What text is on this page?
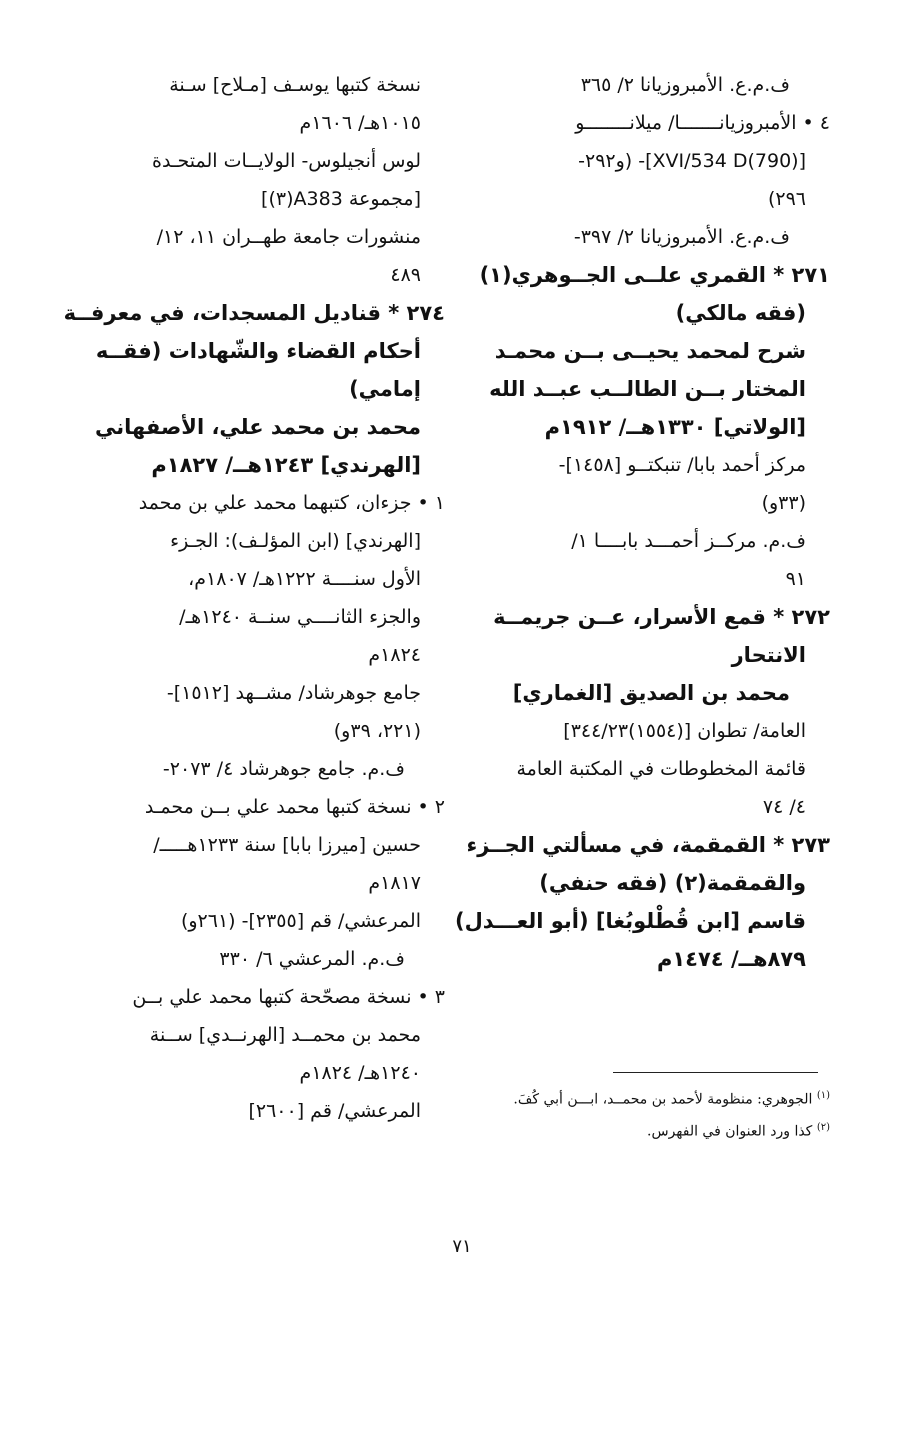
ف.م.ع. الأمبروزيانا ٢/ ٣٦٥
٤ • الأمبروزيانـــــــا/ ميلانــــــــو
[XVI/534 D(790)]- (و٢٩٢-
٢٩٦)
ف.م.ع. الأمبروزيانا ٢/ ٣٩٧-
٢٧١ * القمري علــى الجــوهري(١)
(فقه مالكي)
شرح لمحمد يحيــى بــن محمـد
المختار بــن الطالــب عبــد الله
[الولاتي] ١٣٣٠هــ/ ١٩١٢م
مركز أحمد بابا/ تنبكتــو [١٤٥٨]-
(٣٣و)
ف.م. مركــز أحمـــد بابــــا ١/
٩١
٢٧٢ * قمع الأسرار، عــن جريمــة
الانتحار
محمد بن الصديق [الغماري]
العامة/ تطوان [(١٥٥٤)٣٤٤/٢٣]
قائمة المخطوطات في المكتبة العامة
٤/ ٧٤
٢٧٣ * القمقمة، في مسألتي الجــزء
والقمقمة(٢) (فقه حنفي)
قاسم [ابن قُطْلوبُغا] (أبو العـــدل)
٨٧٩هــ/ ١٤٧٤م
نسخة كتبها يوسـف [مـلاح] سـنة
١٠١٥هـ/ ١٦٠٦م
لوس أنجيلوس- الولايــات المتحـدة
[مجموعة A383(٣)]
منشورات جامعة طهــران ١١، ١٢/
٤٨٩
٢٧٤ * قناديل المسجدات، في معرفــة
أحكام القضاء والشّهادات (فقــه
إمامي)
محمد بن محمد علي، الأصفهاني
[الهرندي] ١٢٤٣هــ/ ١٨٢٧م
١ • جزءان، كتبهما محمد علي بن محمد
[الهرندي] (ابن المؤلـف): الجـزء
الأول سنــــة ١٢٢٢هـ/ ١٨٠٧م،
والجزء الثانــــي سنــة ١٢٤٠هـ/
١٨٢٤م
جامع جوهرشاد/ مشــهد [١٥١٢]-
(٢٢١، ٣٩و)
ف.م. جامع جوهرشاد ٤/ ٢٠٧٣-
٢ • نسخة كتبها محمد علي بــن محمـد
حسين [ميرزا بابا] سنة ١٢٣٣هـــــ/
١٨١٧م
المرعشي/ قم [٢٣٥٥]- (٢٦١و)
ف.م. المرعشي ٦/ ٣٣٠
٣ • نسخة مصحّحة كتبها محمد علي بــن
محمد بن محمــد [الهرنــدي] ســنة
١٢٤٠هـ/ ١٨٢٤م
المرعشي/ قم [٢٦٠٠]
$^{(١)}$ الجوهري: منظومة لأحمد بن محمــد، ابـــن أبي كُفَ.
$^{(٢)}$ كذا ورد العنوان في الفهرس.
٧١
